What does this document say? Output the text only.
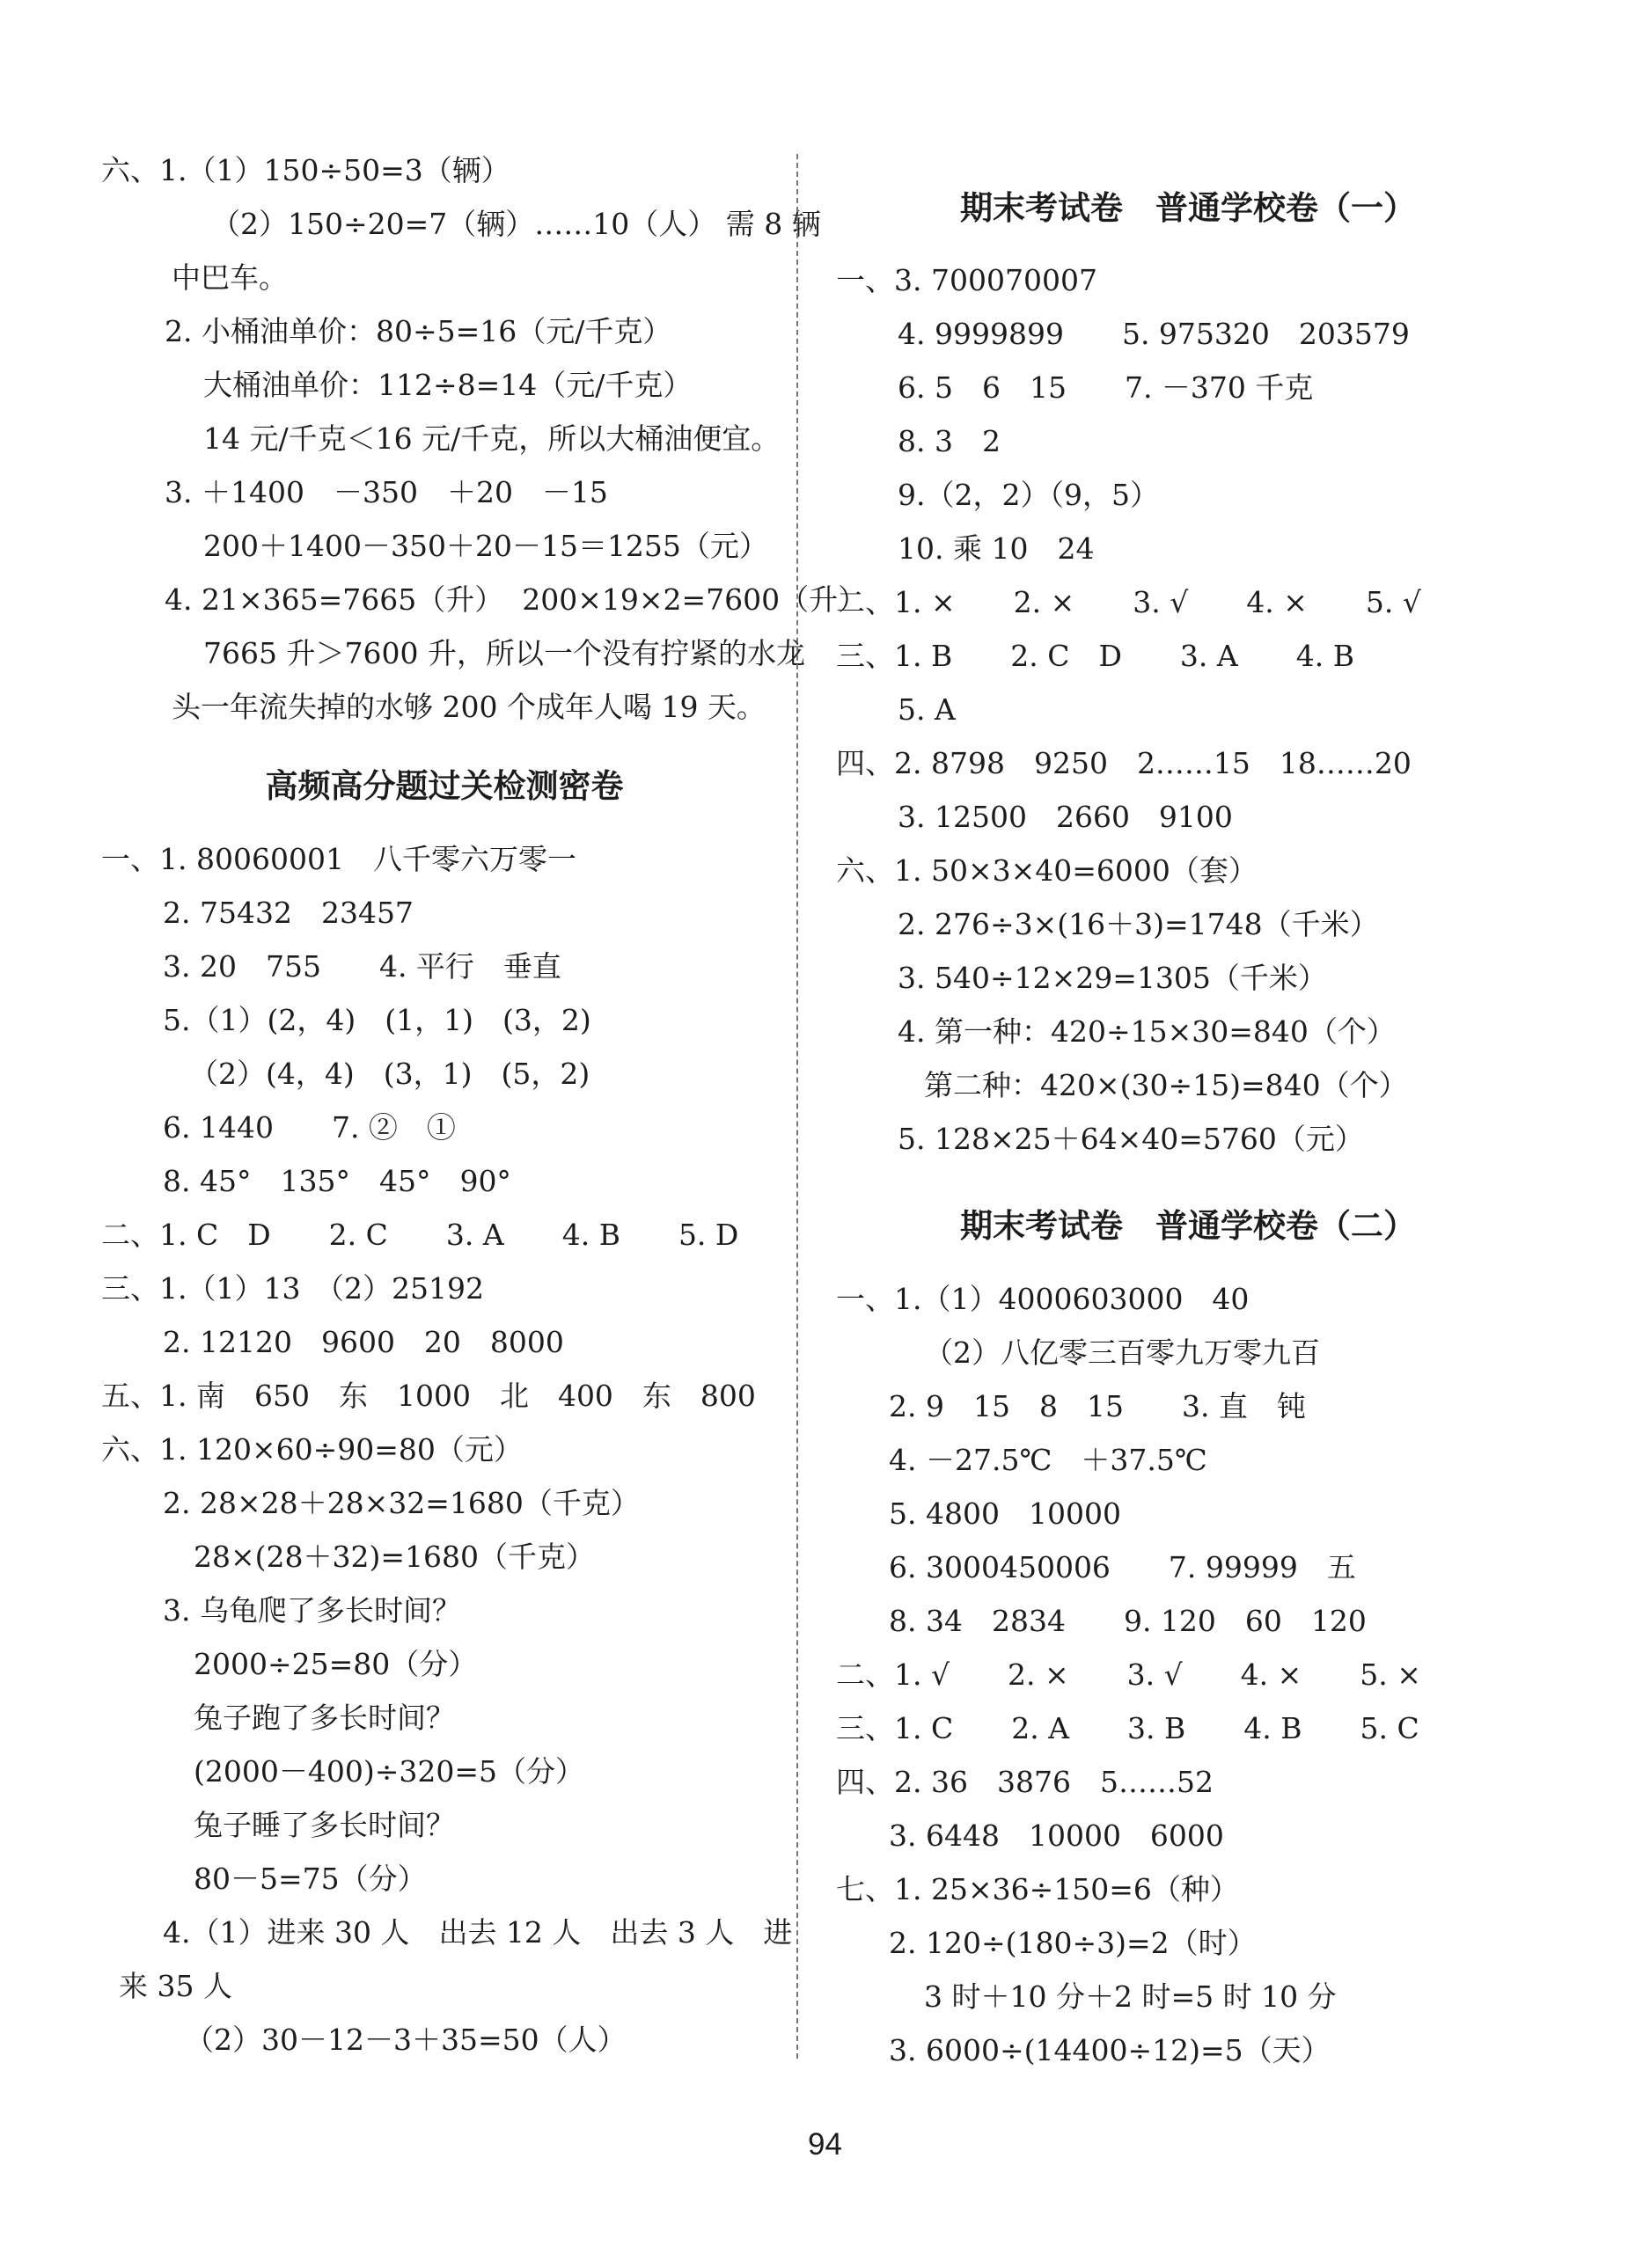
六、1.（1）150÷50=3（辆）
（2）150÷20=7（辆）……10（人） 需 8 辆
中巴车。
2. 小桶油单价：80÷5=16（元/千克）
大桶油单价：112÷8=14（元/千克）
14 元/千克＜16 元/千克，所以大桶油便宜。
3. ＋1400　－350　＋20　－15
200＋1400－350＋20－15＝1255（元）
4. 21×365=7665（升）  200×19×2=7600（升）
7665 升＞7600 升，所以一个没有拧紧的水龙
头一年流失掉的水够 200 个成年人喝 19 天。
高频高分题过关检测密卷
一、1. 80060001　八千零六万零一
2. 75432　23457
3. 20　755　　4. 平行　垂直
5.（1）(2，4)　(1，1)　(3，2)
（2）(4，4)　(3，1)　(5，2)
6. 1440　　7. ②　①
8. 45°　135°　45°　90°
二、1. C　D　　2. C　　3. A　　4. B　　5. D
三、1.（1）13　（2）25192
2. 12120　9600　20　8000
五、1. 南　650　东　1000　北　400　东　800
六、1. 120×60÷90=80（元）
2. 28×28＋28×32=1680（千克）
28×(28＋32)=1680（千克）
3. 乌龟爬了多长时间？
2000÷25=80（分）
兔子跑了多长时间？
(2000－400)÷320=5（分）
兔子睡了多长时间？
80－5=75（分）
4.（1）进来 30 人　出去 12 人　出去 3 人　进
来 35 人
（2）30－12－3＋35=50（人）
期末考试卷　普通学校卷（一）
一、3. 700070007
4. 9999899　　5. 975320　203579
6. 5　6　15　　7. －370 千克
8. 3　2
9.（2，2）（9，5）
10. 乘 10　24
二、1. ×　　2. ×　　3. √　　4. ×　　5. √
三、1. B　　2. C　D　　3. A　　4. B
5. A
四、2. 8798　9250　2……15　18……20
3. 12500　2660　9100
六、1. 50×3×40=6000（套）
2. 276÷3×(16＋3)=1748（千米）
3. 540÷12×29=1305（千米）
4. 第一种：420÷15×30=840（个）
第二种：420×(30÷15)=840（个）
5. 128×25＋64×40=5760（元）
期末考试卷　普通学校卷（二）
一、1.（1）4000603000　40
（2）八亿零三百零九万零九百
2. 9　15　8　15　　3. 直　钝
4. －27.5℃　＋37.5℃
5. 4800　10000
6. 3000450006　　7. 99999　五
8. 34　2834　　9. 120　60　120
二、1. √　　2. ×　　3. √　　4. ×　　5. ×
三、1. C　　2. A　　3. B　　4. B　　5. C
四、2. 36　3876　5……52
3. 6448　10000　6000
七、1. 25×36÷150=6（种）
2. 120÷(180÷3)=2（时）
3 时＋10 分＋2 时=5 时 10 分
3. 6000÷(14400÷12)=5（天）
94
